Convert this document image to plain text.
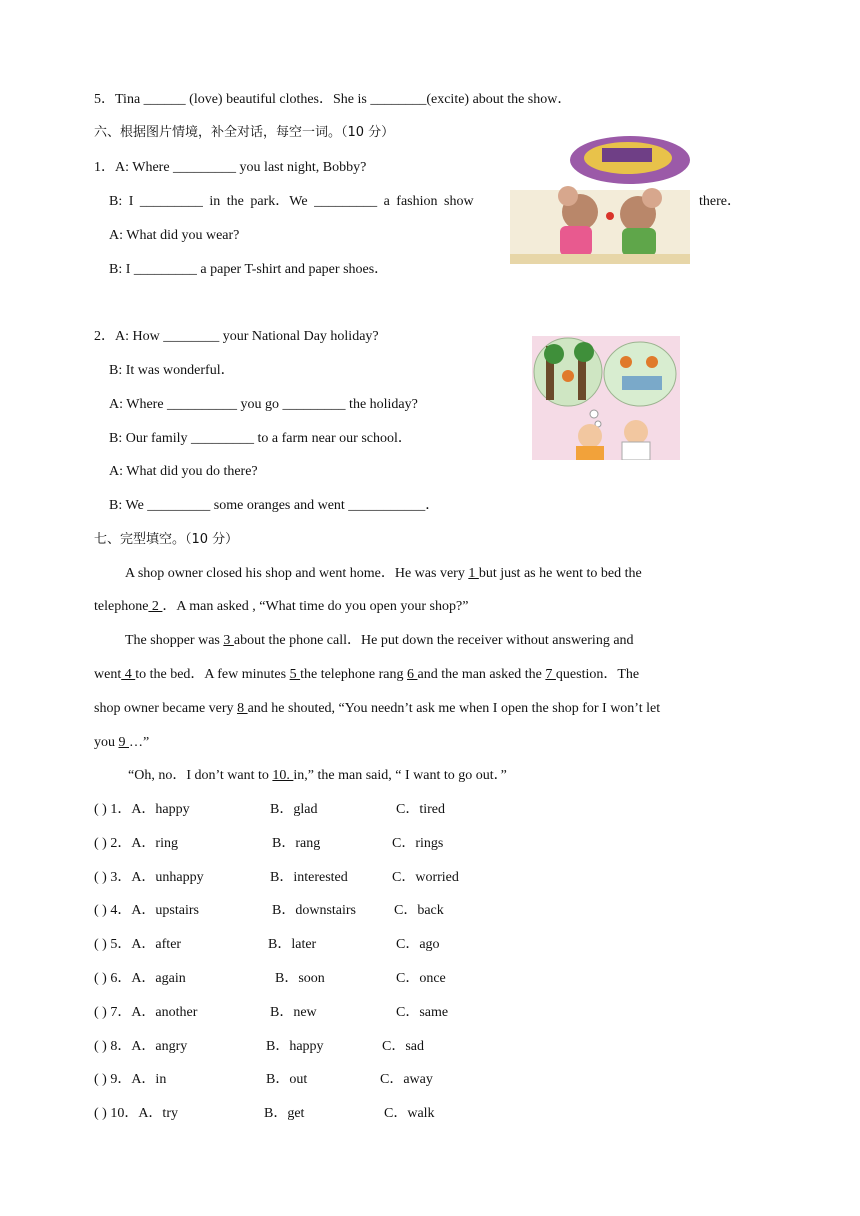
5．Tina ______ (love) beautiful clothes．She is ________(excite) about the show．
六、根据图片情境，补全对话，每空一词。（10 分）
1．A: Where _________ you last night, Bobby?
B: I _________ in the park．We _________ a fashion show	there．
A: What did you wear?
B: I _________ a paper T-shirt and paper shoes．
2．A: How ________ your National Day holiday?
B: It was wonderful．
A: Where __________ you go _________ the holiday?
B: Our family _________ to a farm near our school．
A: What did you do there?
B: We _________ some oranges and went ___________．
七、完型填空。（10 分）
A shop owner closed his shop and went home．He was very 1 but just as he went to bed the
telephone 2 ．A man asked , “What time do you open your shop?”
The shopper was 3 about the phone call．He put down the receiver without answering and
went 4 to the bed．A few minutes 5 the telephone rang 6 and the man asked the 7 question．The
shop owner became very 8 and he shouted, “You needn’t ask me when I open the shop for I won’t let
you 9 …”
“Oh, no．I don’t want to 10. in,” the man said, “ I want to go out．”
( ) 1．A．happy	B．glad	C．tired
( ) 2．A．ring	B．rang	C．rings
( ) 3．A．unhappy	B．interested	C．worried
( ) 4．A．upstairs	B．downstairs	C．back
( ) 5．A．after	B．later	C．ago
( ) 6．A．again	B．soon	C．once
( ) 7．A．another	B．new	C．same
( ) 8．A．angry	B．happy	C．sad
( ) 9．A．in	B．out	C．away
( ) 10．A．try	B．get	C．walk
